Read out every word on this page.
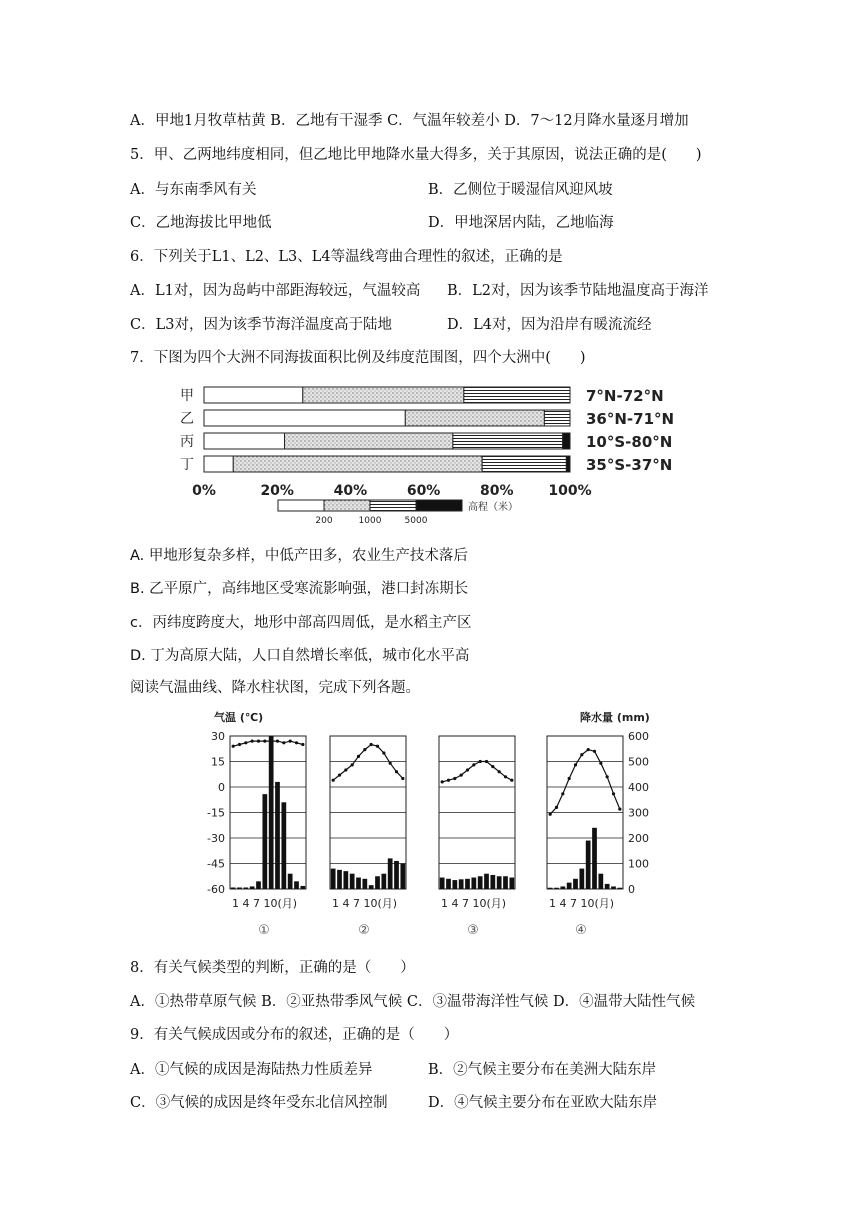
A．甲地1月牧草枯黄 B．乙地有干湿季 C．气温年较差小 D．7～12月降水量逐月增加
5．甲、乙两地纬度相同，但乙地比甲地降水量大得多，关于其原因，说法正确的是(　　)
A．与东南季风有关	B．乙侧位于暖湿信风迎风坡
C．乙地海拔比甲地低	D．甲地深居内陆，乙地临海
6．下列关于L1、L2、L3、L4等温线弯曲合理性的叙述，正确的是
A．L1对，因为岛屿中部距海较远，气温较高 B．L2对，因为该季节陆地温度高于海洋
C．L3对，因为该季节海洋温度高于陆地	D．L4对，因为沿岸有暖流流经
7．下图为四个大洲不同海拔面积比例及纬度范围图，四个大洲中(　　)
甲	7°N-72°N
乙	36°N-71°N
丙	10°S-80°N
丁	35°S-37°N
0%	20%	40%	60%	80% 100%
200	1000	5000
高程（米）
A. 甲地形复杂多样，中低产田多，农业生产技术落后
B. 乙平原广，高纬地区受寒流影响强，港口封冻期长
c．丙纬度跨度大，地形中部高四周低，是水稻主产区
D. 丁为高原大陆，人口自然增长率低，城市化水平高
阅读气温曲线、降水柱状图，完成下列各题。
气温 (℃)	降水量 (mm)
30
15
0
-15
-30
-45
-60
600
500
400
300
200
100
0
1 4 7 10(月)
①
1 4 7 10(月)
②
1 4 7 10(月)
③
1 4 7 10(月)
④
8．有关气候类型的判断，正确的是（　　）
A．①热带草原气候 B．②亚热带季风气候 C．③温带海洋性气候 D．④温带大陆性气候
9．有关气候成因或分布的叙述，正确的是（　　）
A．①气候的成因是海陆热力性质差异	B．②气候主要分布在美洲大陆东岸
C．③气候的成因是终年受东北信风控制	D．④气候主要分布在亚欧大陆东岸
